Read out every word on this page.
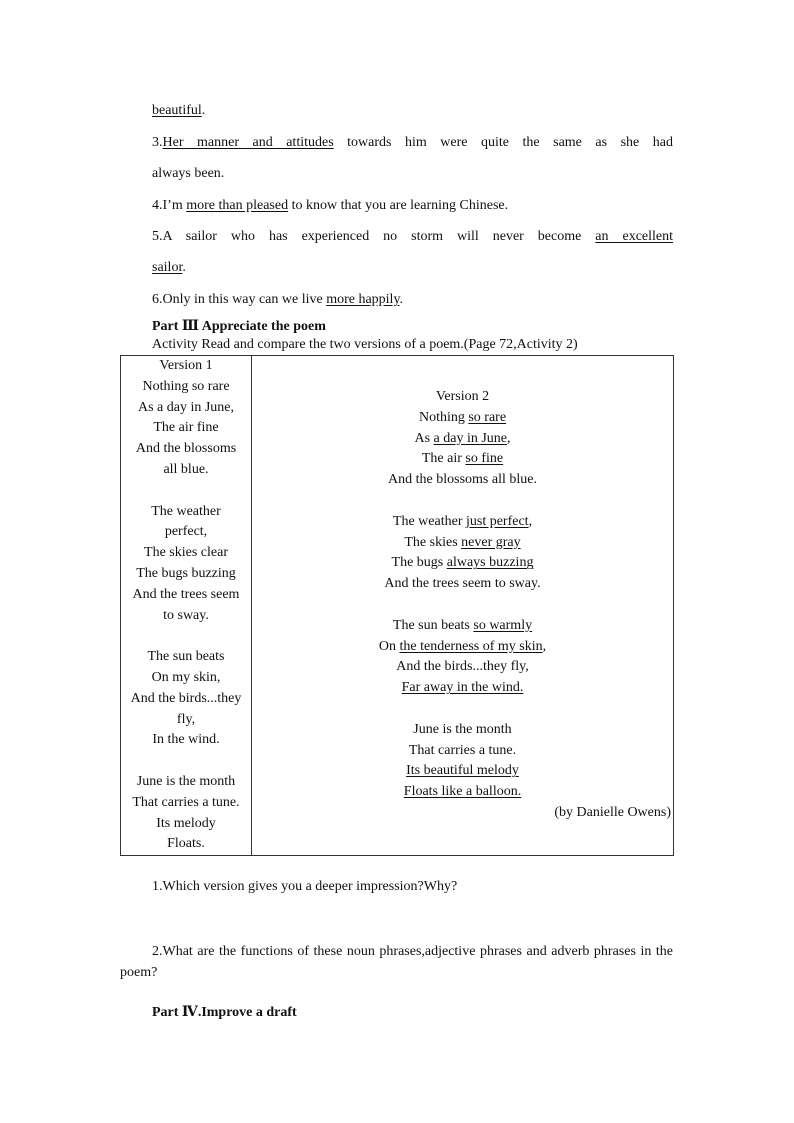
beautiful.
3.Her manner and attitudes towards him were quite the same as she had
always been.
4.I’m more than pleased to know that you are learning Chinese.
5.A sailor who has experienced no storm will never become an excellent
sailor.
6.Only in this way can we live more happily.
Part Ⅲ Appreciate the poem
Activity Read and compare the two versions of a poem.(Page 72,Activity 2)
Version 1
Nothing so rare
As a day in June,
The air fine
And the blossoms
all blue.
The weather
perfect,
The skies clear
The bugs buzzing
And the trees seem
to sway.
The sun beats
On my skin,
And the birds...they
fly,
In the wind.
June is the month
That carries a tune.
Its melody
Floats.

Version 2
Nothing so rare
As a day in June,
The air so fine
And the blossoms all blue.
The weather just perfect,
The skies never gray
The bugs always buzzing
And the trees seem to sway.
The sun beats so warmly
On the tenderness of my skin,
And the birds...they fly,
Far away in the wind.
June is the month
That carries a tune.
Its beautiful melody
Floats like a balloon.
(by Danielle Owens)
1.Which version gives you a deeper impression?Why?
2.What are the functions of these noun phrases,adjective phrases and adverb phrases in the poem?
Part Ⅳ.Improve a draft
